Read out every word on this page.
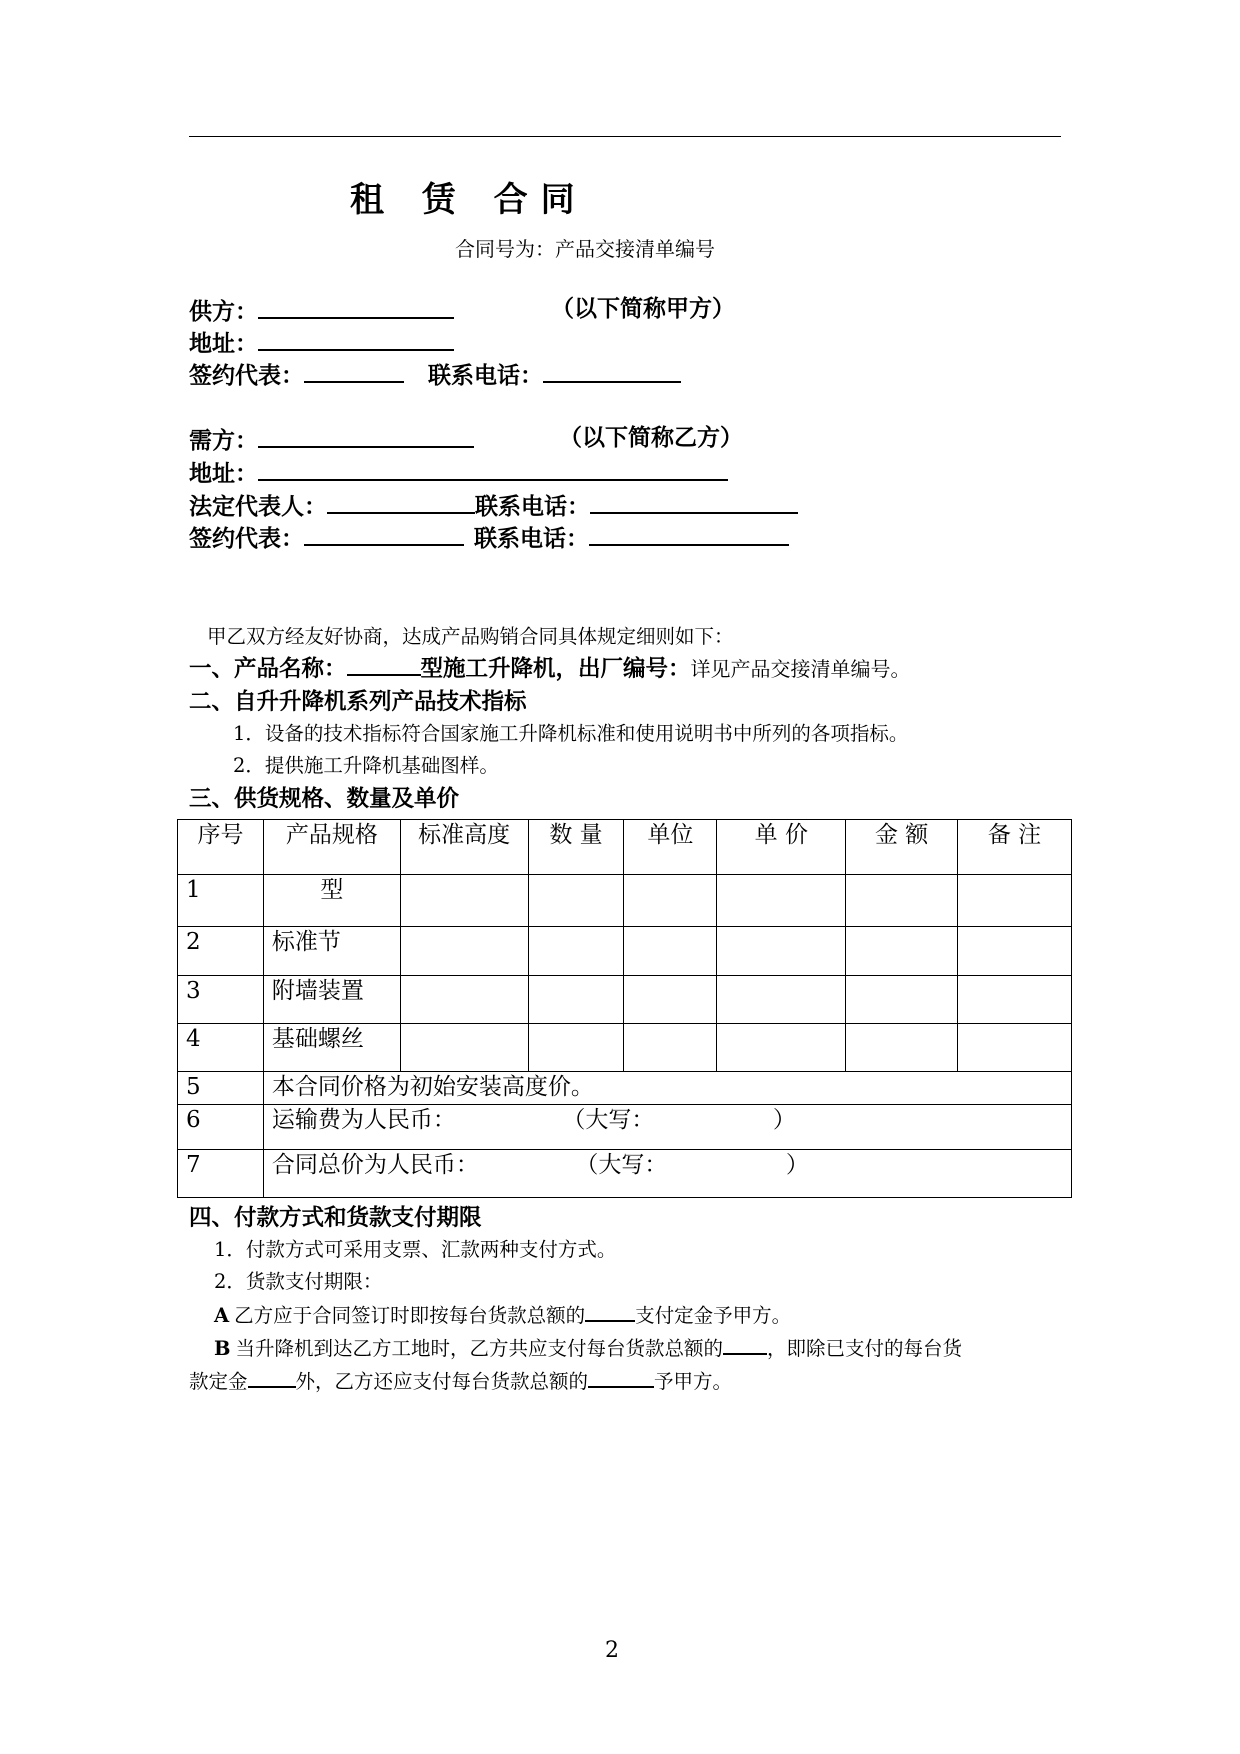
租 赁 合同
合同号为：产品交接清单编号
供方：	（以下简称甲方）
地址：
签约代表：	联系电话：
需方：	（以下简称乙方）
地址：
法定代表人：	联系电话：
签约代表：	联系电话：
甲乙双方经友好协商，达成产品购销合同具体规定细则如下：
一、产品名称：	型施工升降机，出厂编号：详见产品交接清单编号。
二、自升升降机系列产品技术指标
1．设备的技术指标符合国家施工升降机标准和使用说明书中所列的各项指标。
2．提供施工升降机基础图样。
三、供货规格、数量及单价
序号	产品规格	标准高度	数 量	单位	单 价	金 额	备 注
1	型						
2	标准节						
3	附墙装置						
4	基础螺丝						
5	本合同价格为初始安装高度价。						
6	运输费为人民币： （大写： ）						
7	合同总价为人民币： （大写： ）						
四、付款方式和货款支付期限
1．付款方式可采用支票、汇款两种支付方式。
2．货款支付期限：
A 乙方应于合同签订时即按每台货款总额的	支付定金予甲方。
B 当升降机到达乙方工地时，乙方共应支付每台货款总额的 ，即除已支付的每台货
款定金 外，乙方还应支付每台货款总额的	予甲方。
2
